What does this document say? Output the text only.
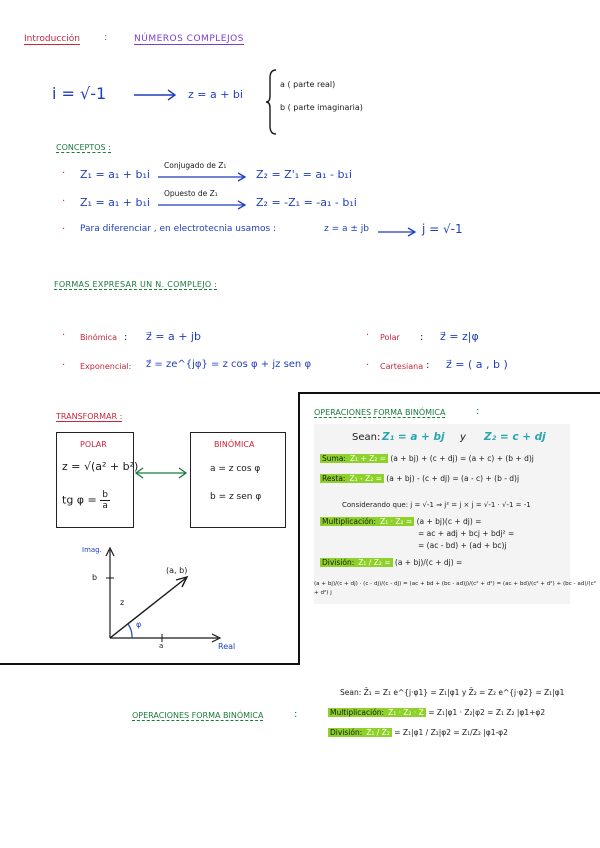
Introducción :	NÚMEROS COMPLEJOS
i = √-1	z = a + bi
a ( parte real)
b ( parte imaginaria)
CONCEPTOS :
· Z₁ = a₁ + b₁i
Conjugado de Z₁
Z₂ = Z'₁ = a₁ - b₁i
· Z₁ = a₁ + b₁i
Opuesto de Z₁
Z₂ = -Z₁ = -a₁ - b₁i
· Para diferenciar , en electrotecnia usamos :	z = a ± jb	j = √-1
FORMAS EXPRESAR UN N. COMPLEJO :
· Binómica : z⃗ = a + jb	· Polar : z⃗ = z|φ
· Exponencial: z⃗ = ze^{jφ} = z cos φ + jz sen φ	· Cartesiana : z⃗ = ( a , b )
TRANSFORMAR :
POLAR
z = √(a² + b²)
tg $\varphi = \frac{b}{a}$
BINÓMICA
a = z cos φ
b = z sen φ
Imag.
Real
(a, b)
b
a
z
φ
OPERACIONES FORMA BINÓMICA	:
Sean: Z₁ = a + bj y Z₂ = c + dj
Suma: Z₁ + Z₂ = (a + bj) + (c + dj) = (a + c) + (b + d)j
Resta: Z₁ - Z₂ = (a + bj) - (c + dj) = (a - c) + (b - d)j
Considerando que: j = √-1 ⇒ j² = j × j = √-1 · √-1 = -1
Multiplicación: Z₁ · Z₂ = (a + bj)(c + dj) =
= ac + adj + bcj + bdj² =
= (ac - bd) + (ad + bc)j
División: Z₁ / Z₂ = (a + bj)/(c + dj) =
(a + bj)/(c + dj) · (c - dj)/(c - dj) = (ac + bd + (bc - ad)j)/(c² + d²) = (ac + bd)/(c² + d²) + (bc - ad)/(c² + d²) j
Sean: Z̄₁ = Z₁ e^{j·φ1} = Z₁|φ1 y Z̄₂ = Z₂ e^{j·φ2} = Z₁|φ1
OPERACIONES FORMA BINÓMICA	:	Multiplicación: Z̄₁ · Z̄₂ · Z̄ = Z₁|φ1 · Z₂|φ2 = Z₁ Z₂ |φ1+φ2
División: Z̄₁ / Z̄₂ = Z₁|φ1 / Z₂|φ2 = Z₁/Z₂ |φ1-φ2
